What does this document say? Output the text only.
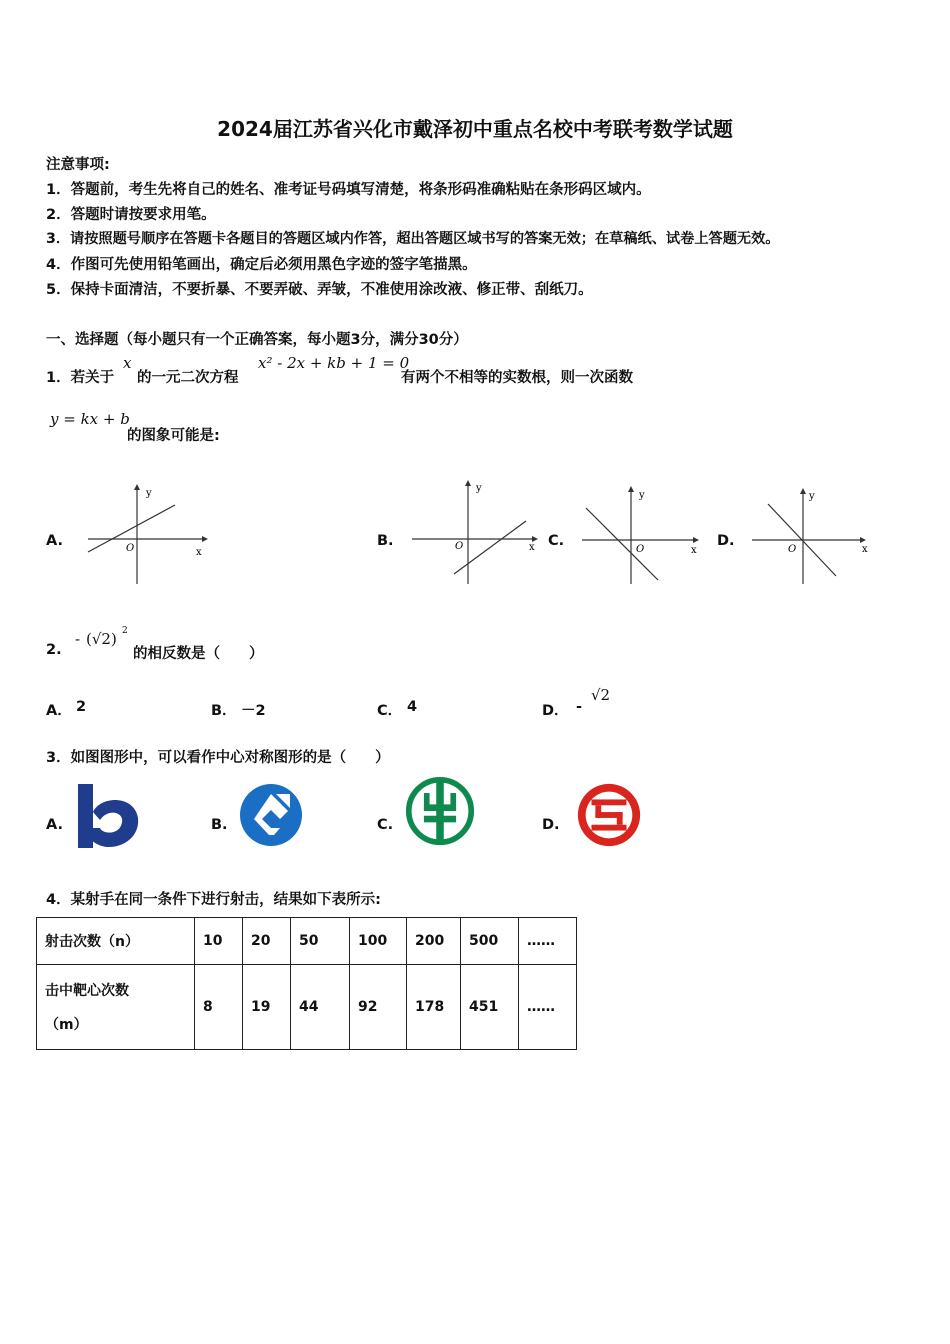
2024届江苏省兴化市戴泽初中重点名校中考联考数学试题
注意事项:
1．答题前，考生先将自己的姓名、准考证号码填写清楚，将条形码准确粘贴在条形码区域内。
2．答题时请按要求用笔。
3．请按照题号顺序在答题卡各题目的答题区域内作答，超出答题区域书写的答案无效；在草稿纸、试卷上答题无效。
4．作图可先使用铅笔画出，确定后必须用黑色字迹的签字笔描黑。
5．保持卡面清洁，不要折暴、不要弄破、弄皱，不准使用涂改液、修正带、刮纸刀。
一、选择题（每小题只有一个正确答案，每小题3分，满分30分）
1．若关于
x
的一元二次方程
x² - 2x + kb + 1 = 0
有两个不相等的实数根，则一次函数
y = kx + b
的图象可能是:
A.	B.	C.	D.
y
x
O
y
x
O
y
x
O
y
x
O
2.
- (√2) 2
的相反数是（　　）
A． 2	B． －2	C． 4	D． -
√2
3．如图图形中，可以看作中心对称图形的是（　　）
A.	B.	C.	D.
4．某射手在同一条件下进行射击，结果如下表所示:
射击次数（n）	10	20	50	100	200	500	……

击中靶心次数
（m）	8	19	44	92	178	451	……
